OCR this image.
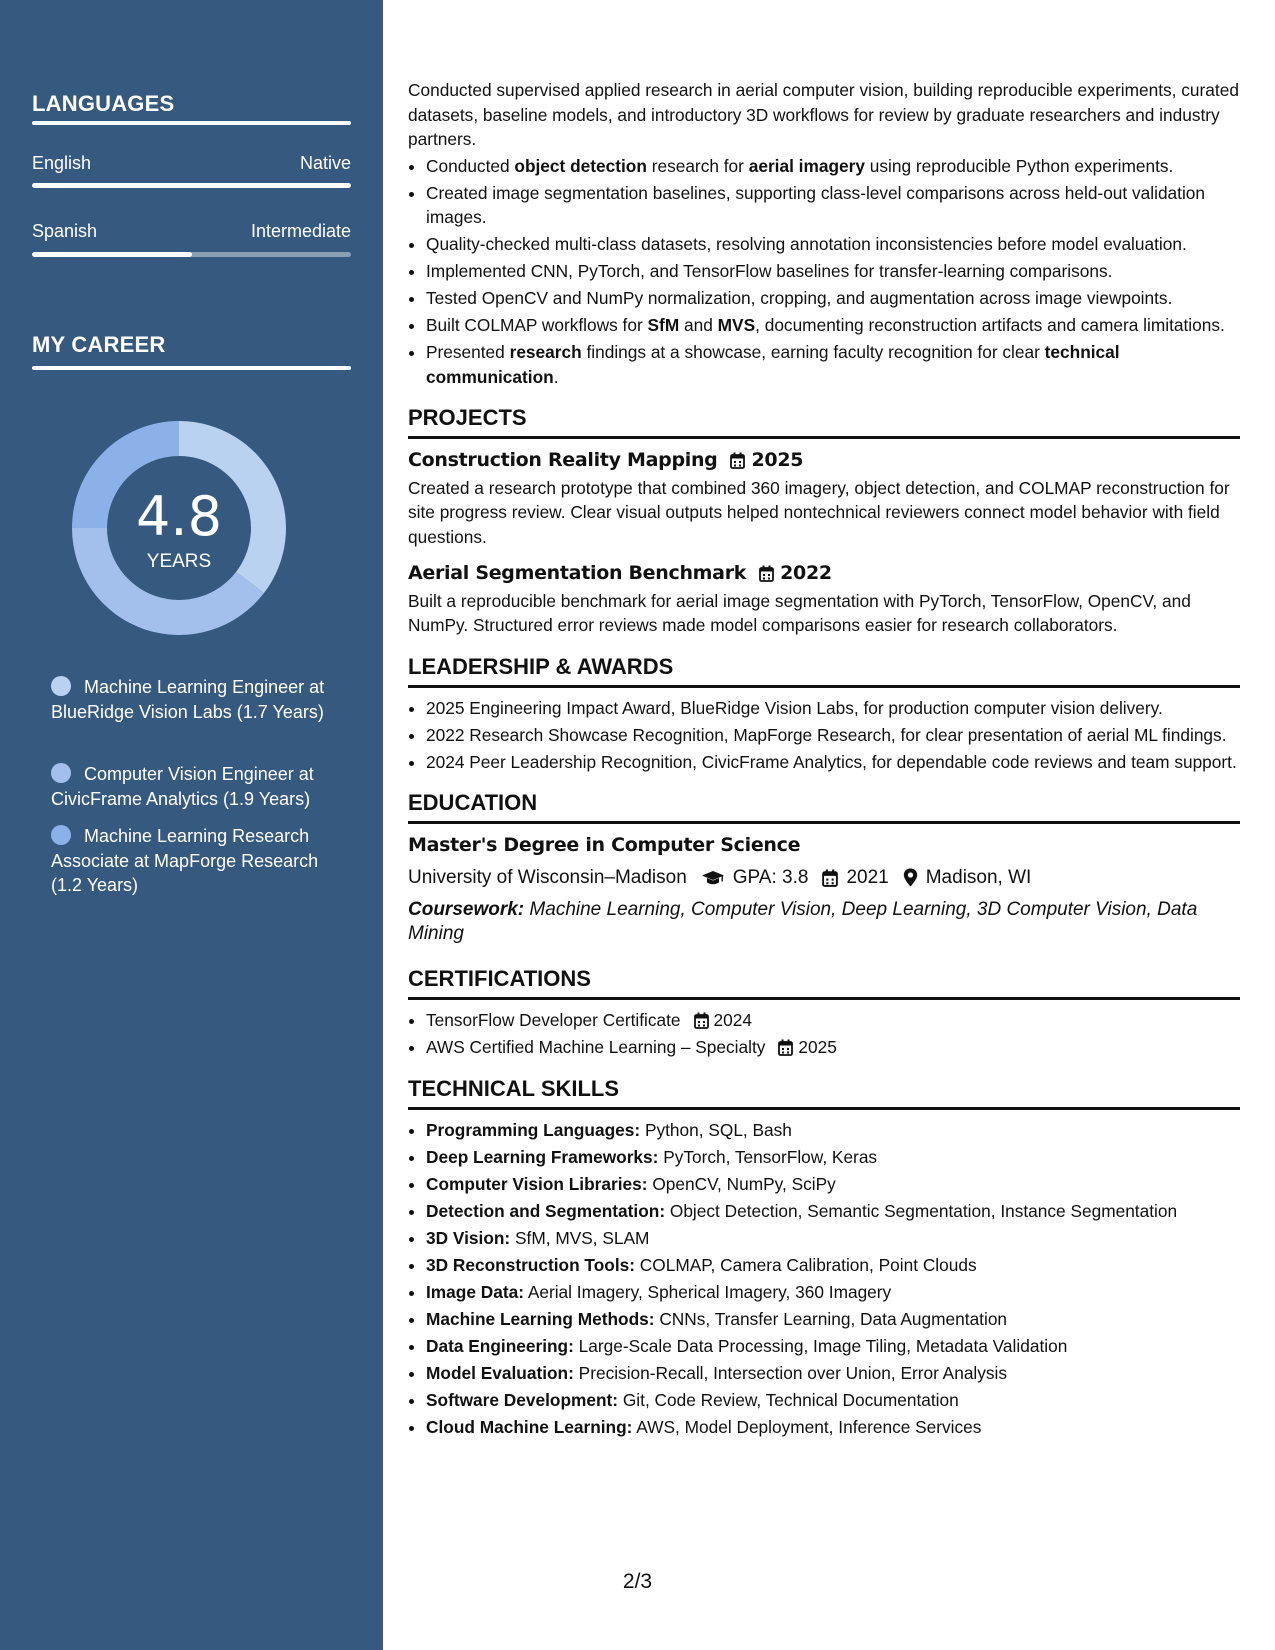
LANGUAGES
English	Native
Spanish	Intermediate
MY CAREER
4.8
YEARS
Machine Learning Engineer at BlueRidge Vision Labs (1.7 Years)
Computer Vision Engineer at CivicFrame Analytics (1.9 Years)
Machine Learning Research Associate at MapForge Research (1.2 Years)
Conducted supervised applied research in aerial computer vision, building reproducible experiments, curated datasets, baseline models, and introductory 3D workflows for review by graduate researchers and industry partners.
• Conducted object detection research for aerial imagery using reproducible Python experiments.
• Created image segmentation baselines, supporting class-level comparisons across held-out validation images.
• Quality-checked multi-class datasets, resolving annotation inconsistencies before model evaluation.
• Implemented CNN, PyTorch, and TensorFlow baselines for transfer-learning comparisons.
• Tested OpenCV and NumPy normalization, cropping, and augmentation across image viewpoints.
• Built COLMAP workflows for SfM and MVS, documenting reconstruction artifacts and camera limitations.
• Presented research findings at a showcase, earning faculty recognition for clear technical communication.
PROJECTS
Construction Reality Mapping 2025
Created a research prototype that combined 360 imagery, object detection, and COLMAP reconstruction for site progress review. Clear visual outputs helped nontechnical reviewers connect model behavior with field questions.
Aerial Segmentation Benchmark 2022
Built a reproducible benchmark for aerial image segmentation with PyTorch, TensorFlow, OpenCV, and NumPy. Structured error reviews made model comparisons easier for research collaborators.
LEADERSHIP & AWARDS
• 2025 Engineering Impact Award, BlueRidge Vision Labs, for production computer vision delivery.
• 2022 Research Showcase Recognition, MapForge Research, for clear presentation of aerial ML findings.
• 2024 Peer Leadership Recognition, CivicFrame Analytics, for dependable code reviews and team support.
EDUCATION
Master's Degree in Computer Science
University of Wisconsin–Madison GPA: 3.8 2021 Madison, WI
Coursework: Machine Learning, Computer Vision, Deep Learning, 3D Computer Vision, Data Mining
CERTIFICATIONS
• TensorFlow Developer Certificate 2024
• AWS Certified Machine Learning – Specialty 2025
TECHNICAL SKILLS
• Programming Languages: Python, SQL, Bash
• Deep Learning Frameworks: PyTorch, TensorFlow, Keras
• Computer Vision Libraries: OpenCV, NumPy, SciPy
• Detection and Segmentation: Object Detection, Semantic Segmentation, Instance Segmentation
• 3D Vision: SfM, MVS, SLAM
• 3D Reconstruction Tools: COLMAP, Camera Calibration, Point Clouds
• Image Data: Aerial Imagery, Spherical Imagery, 360 Imagery
• Machine Learning Methods: CNNs, Transfer Learning, Data Augmentation
• Data Engineering: Large-Scale Data Processing, Image Tiling, Metadata Validation
• Model Evaluation: Precision-Recall, Intersection over Union, Error Analysis
• Software Development: Git, Code Review, Technical Documentation
• Cloud Machine Learning: AWS, Model Deployment, Inference Services
2/3
